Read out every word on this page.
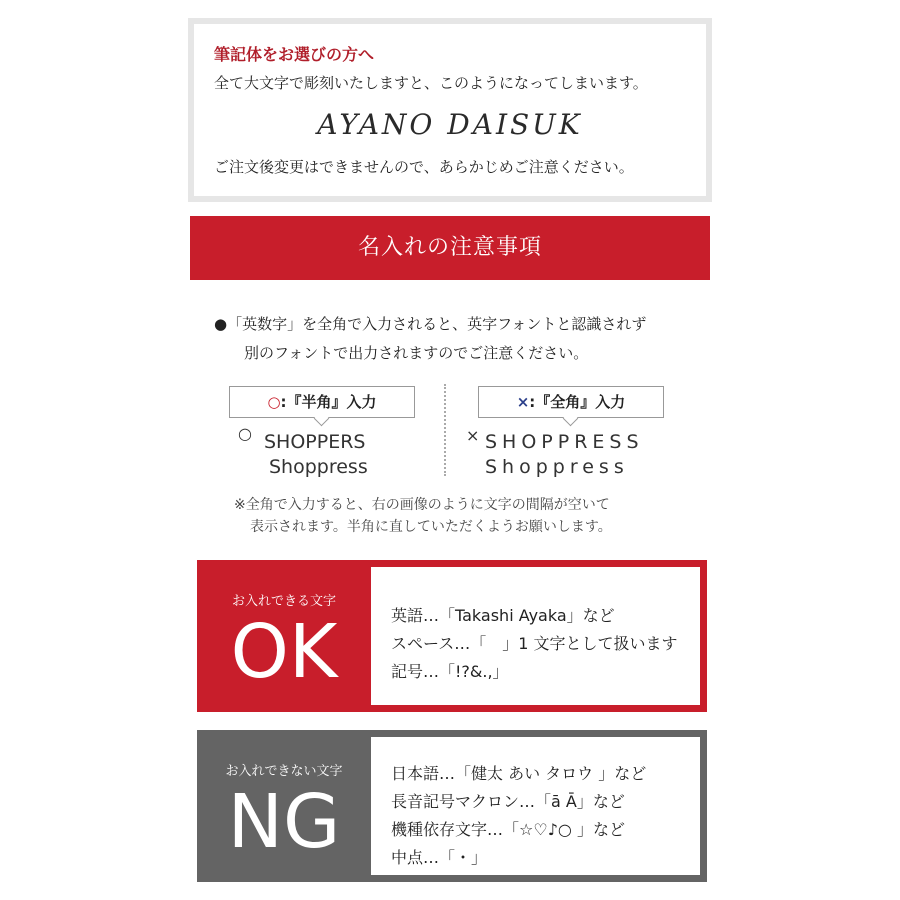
筆記体をお選びの方へ
全て大文字で彫刻いたしますと、このようになってしまいます。
AYANO DAISUK
ご注文後変更はできませんので、あらかじめご注意ください。
名入れの注意事項
●「英数字」を全角で入力されると、英字フォントと認識されず
別のフォントで出力されますのでご注意ください。
○:『半角』入力	×:『全角』入力
○ SHOPPERS
Shoppress
× SHOPPRESS
Shoppress
※全角で入力すると、右の画像のように文字の間隔が空いて
表示されます。半角に直していただくようお願いします。
お入れできる文字
OK	英語…「Takashi Ayaka」など
スペース…「　」1 文字として扱います
記号…「!?&.,」
お入れできない文字
NG
日本語…「健太 あい タロウ 」など
長音記号マクロン…「ā Ā」など
機種依存文字…「☆♡♪○ 」など
中点…「・」
